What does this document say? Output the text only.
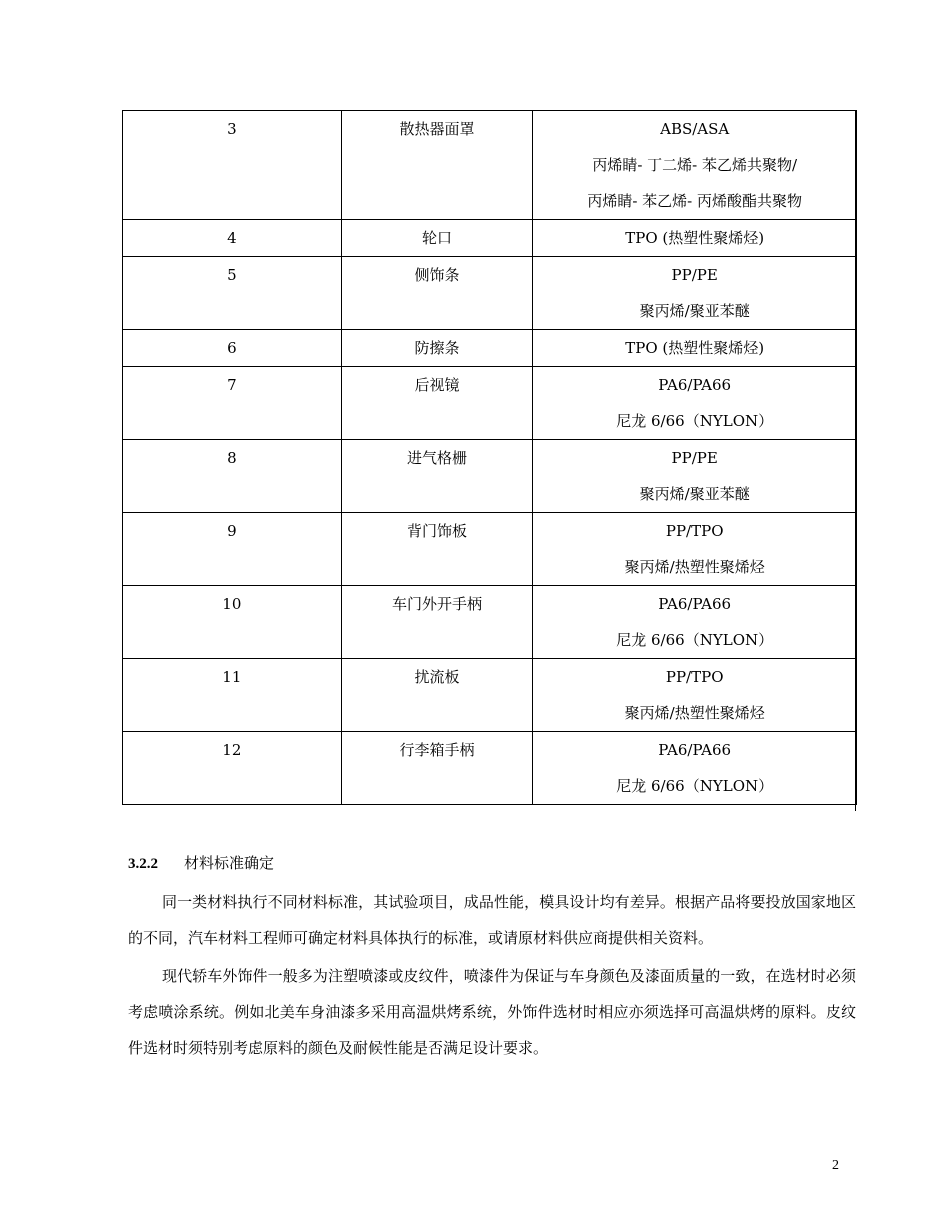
3	散热器面罩	ABS/ASA
丙烯睛- 丁二烯- 苯乙烯共聚物/
丙烯睛- 苯乙烯- 丙烯酸酯共聚物

4	轮口	TPO (热塑性聚烯烃)

5	侧饰条	PP/PE
聚丙烯/聚亚苯醚

6	防擦条	TPO (热塑性聚烯烃)

7	后视镜	PA6/PA66
尼龙 6/66（NYLON）

8	进气格栅	PP/PE
聚丙烯/聚亚苯醚

9	背门饰板	PP/TPO
聚丙烯/热塑性聚烯烃

10	车门外开手柄	PA6/PA66
尼龙 6/66（NYLON）

11	扰流板	PP/TPO
聚丙烯/热塑性聚烯烃

12	行李箱手柄	PA6/PA66
尼龙 6/66（NYLON）
3.2.2 材料标准确定
同一类材料执行不同材料标准，其试验项目，成品性能，模具设计均有差异。根据产品将要投放国家地区的不同，汽车材料工程师可确定材料具体执行的标准，或请原材料供应商提供相关资料。
现代轿车外饰件一般多为注塑喷漆或皮纹件，喷漆件为保证与车身颜色及漆面质量的一致，在选材时必须考虑喷涂系统。例如北美车身油漆多采用高温烘烤系统，外饰件选材时相应亦须选择可高温烘烤的原料。皮纹件选材时须特别考虑原料的颜色及耐候性能是否满足设计要求。
2
